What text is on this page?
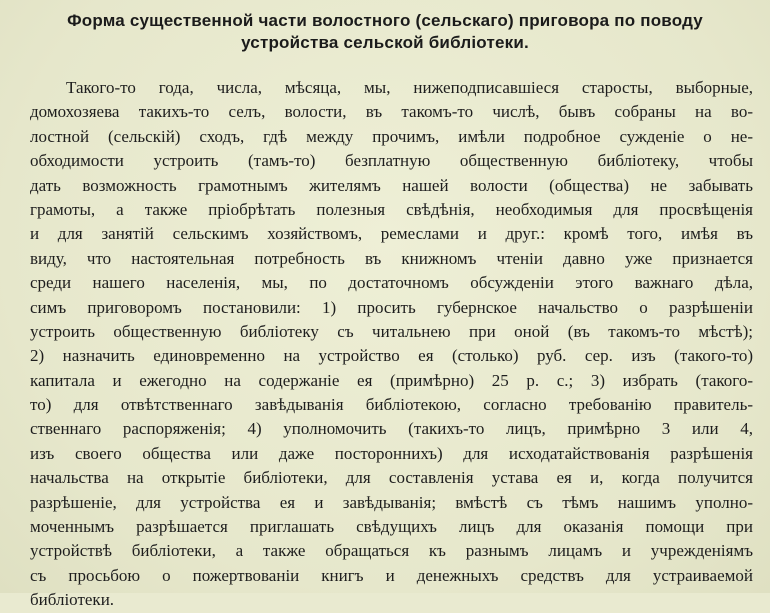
Форма существенной части волостного (сельскаго) приговора по поводу
устройства сельской библіотеки.
Такого-то года, числа, мѣсяца, мы, нижеподписавшіеся старосты, выборные,
домохозяева такихъ-то селъ, волости, въ такомъ-то числѣ, бывъ собраны на во-
лостной (сельскій) сходъ, гдѣ между прочимъ, имѣли подробное сужденіе о не-
обходимости устроить (тамъ-то) безплатную общественную библіотеку, чтобы
дать возможность грамотнымъ жителямъ нашей волости (общества) не забывать
грамоты, а также пріобрѣтать полезныя свѣдѣнія, необходимыя для просвѣщенія
и для занятій сельскимъ хозяйствомъ, ремеслами и друг.: кромѣ того, имѣя въ
виду, что настоятельная потребность въ книжномъ чтеніи давно уже признается
среди нашего населенія, мы, по достаточномъ обсужденіи этого важнаго дѣла,
симъ приговоромъ постановили: 1) просить губернское начальство о разрѣшеніи
устроить общественную библіотеку съ читальнею при оной (въ такомъ-то мѣстѣ);
2) назначить единовременно на устройство ея (столько) руб. сер. изъ (такого-то)
капитала и ежегодно на содержаніе ея (примѣрно) 25 р. с.; 3) избрать (такого-
то) для отвѣтственнаго завѣдыванія библіотекою, согласно требованію правитель-
ственнаго распоряженія; 4) уполномочить (такихъ-то лицъ, примѣрно 3 или 4,
изъ своего общества или даже постороннихъ) для исходатайствованія разрѣшенія
начальства на открытіе библіотеки, для составленія устава ея и, когда получится
разрѣшеніе, для устройства ея и завѣдыванія; вмѣстѣ съ тѣмъ нашимъ уполно-
моченнымъ разрѣшается приглашать свѣдущихъ лицъ для оказанія помощи при
устройствѣ библіотеки, а также обращаться къ разнымъ лицамъ и учрежденіямъ
съ просьбою о пожертвованіи книгъ и денежныхъ средствъ для устраиваемой
библіотеки.
